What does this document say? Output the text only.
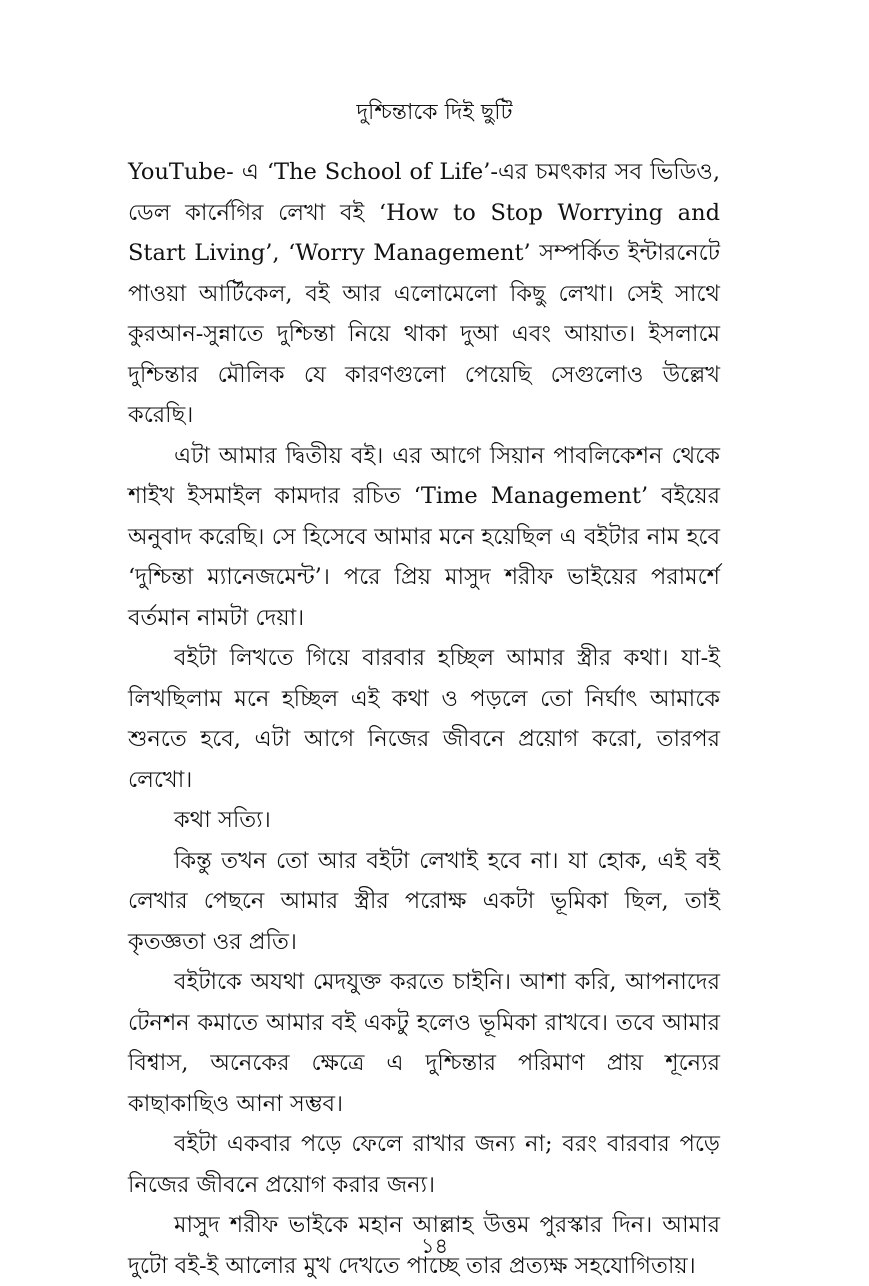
দুশ্চিন্তাকে দিই ছুটি

YouTube- এ ‘The School of Life’-এর চমৎকার সব ভিডিও, ডেল কার্নেগির লেখা বই ‘How to Stop Worrying and Start Living’, ‘Worry Management’ সম্পর্কিত ইন্টারনেটে পাওয়া আর্টিকেল, বই আর এলোমেলো কিছু লেখা। সেই সাথে কুরআন-সুন্নাতে দুশ্চিন্তা নিয়ে থাকা দুআ এবং আয়াত। ইসলামে দুশ্চিন্তার মৌলিক যে কারণগুলো পেয়েছি সেগুলোও উল্লেখ করেছি।

এটা আমার দ্বিতীয় বই। এর আগে সিয়ান পাবলিকেশন থেকে শাইখ ইসমাইল কামদার রচিত ‘Time Management’ বইয়ের অনুবাদ করেছি। সে হিসেবে আমার মনে হয়েছিল এ বইটার নাম হবে ‘দুশ্চিন্তা ম্যানেজমেন্ট’। পরে প্রিয় মাসুদ শরীফ ভাইয়ের পরামর্শে বর্তমান নামটা দেয়া।

বইটা লিখতে গিয়ে বারবার হচ্ছিল আমার স্ত্রীর কথা। যা-ই লিখছিলাম মনে হচ্ছিল এই কথা ও পড়লে তো নির্ঘাৎ আমাকে শুনতে হবে, এটা আগে নিজের জীবনে প্রয়োগ করো, তারপর লেখো।

কথা সত্যি।

কিন্তু তখন তো আর বইটা লেখাই হবে না। যা হোক, এই বই লেখার পেছনে আমার স্ত্রীর পরোক্ষ একটা ভূমিকা ছিল, তাই কৃতজ্ঞতা ওর প্রতি।

বইটাকে অযথা মেদযুক্ত করতে চাইনি। আশা করি, আপনাদের টেনশন কমাতে আমার বই একটু হলেও ভূমিকা রাখবে। তবে আমার বিশ্বাস, অনেকের ক্ষেত্রে এ দুশ্চিন্তার পরিমাণ প্রায় শূন্যের কাছাকাছিও আনা সম্ভব।

বইটা একবার পড়ে ফেলে রাখার জন্য না; বরং বারবার পড়ে নিজের জীবনে প্রয়োগ করার জন্য।

মাসুদ শরীফ ভাইকে মহান আল্লাহ উত্তম পুরস্কার দিন। আমার দুটো বই-ই আলোর মুখ দেখতে পাচ্ছে তার প্রত্যক্ষ সহযোগিতায়।

১৪
